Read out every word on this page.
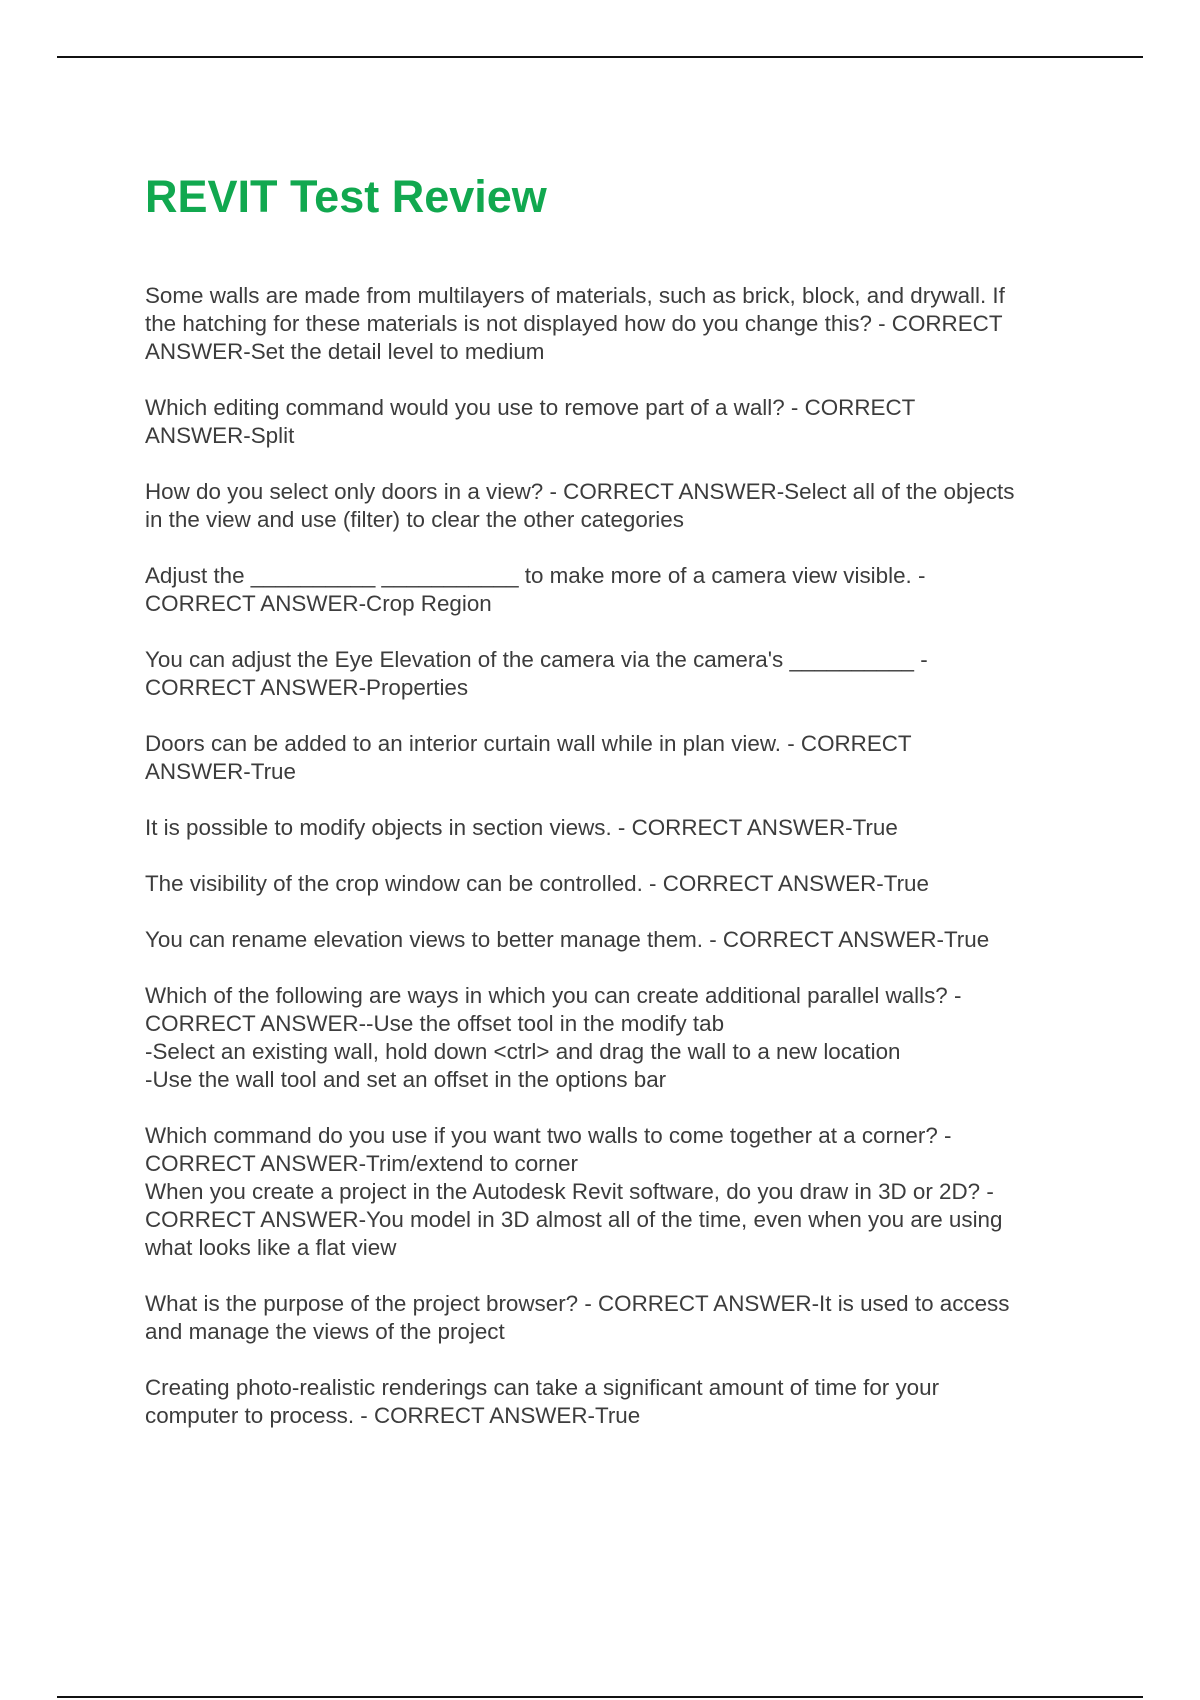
REVIT Test Review
Some walls are made from multilayers of materials, such as brick, block, and drywall. If
the hatching for these materials is not displayed how do you change this? - CORRECT
ANSWER-Set the detail level to medium
Which editing command would you use to remove part of a wall? - CORRECT
ANSWER-Split
How do you select only doors in a view? - CORRECT ANSWER-Select all of the objects
in the view and use (filter) to clear the other categories
Adjust the __________ ___________ to make more of a camera view visible. -
CORRECT ANSWER-Crop Region
You can adjust the Eye Elevation of the camera via the camera's __________ -
CORRECT ANSWER-Properties
Doors can be added to an interior curtain wall while in plan view. - CORRECT
ANSWER-True
It is possible to modify objects in section views. - CORRECT ANSWER-True
The visibility of the crop window can be controlled. - CORRECT ANSWER-True
You can rename elevation views to better manage them. - CORRECT ANSWER-True
Which of the following are ways in which you can create additional parallel walls? -
CORRECT ANSWER--Use the offset tool in the modify tab
-Select an existing wall, hold down <ctrl> and drag the wall to a new location
-Use the wall tool and set an offset in the options bar
Which command do you use if you want two walls to come together at a corner? -
CORRECT ANSWER-Trim/extend to corner
When you create a project in the Autodesk Revit software, do you draw in 3D or 2D? -
CORRECT ANSWER-You model in 3D almost all of the time, even when you are using
what looks like a flat view
What is the purpose of the project browser? - CORRECT ANSWER-It is used to access
and manage the views of the project
Creating photo-realistic renderings can take a significant amount of time for your
computer to process. - CORRECT ANSWER-True
